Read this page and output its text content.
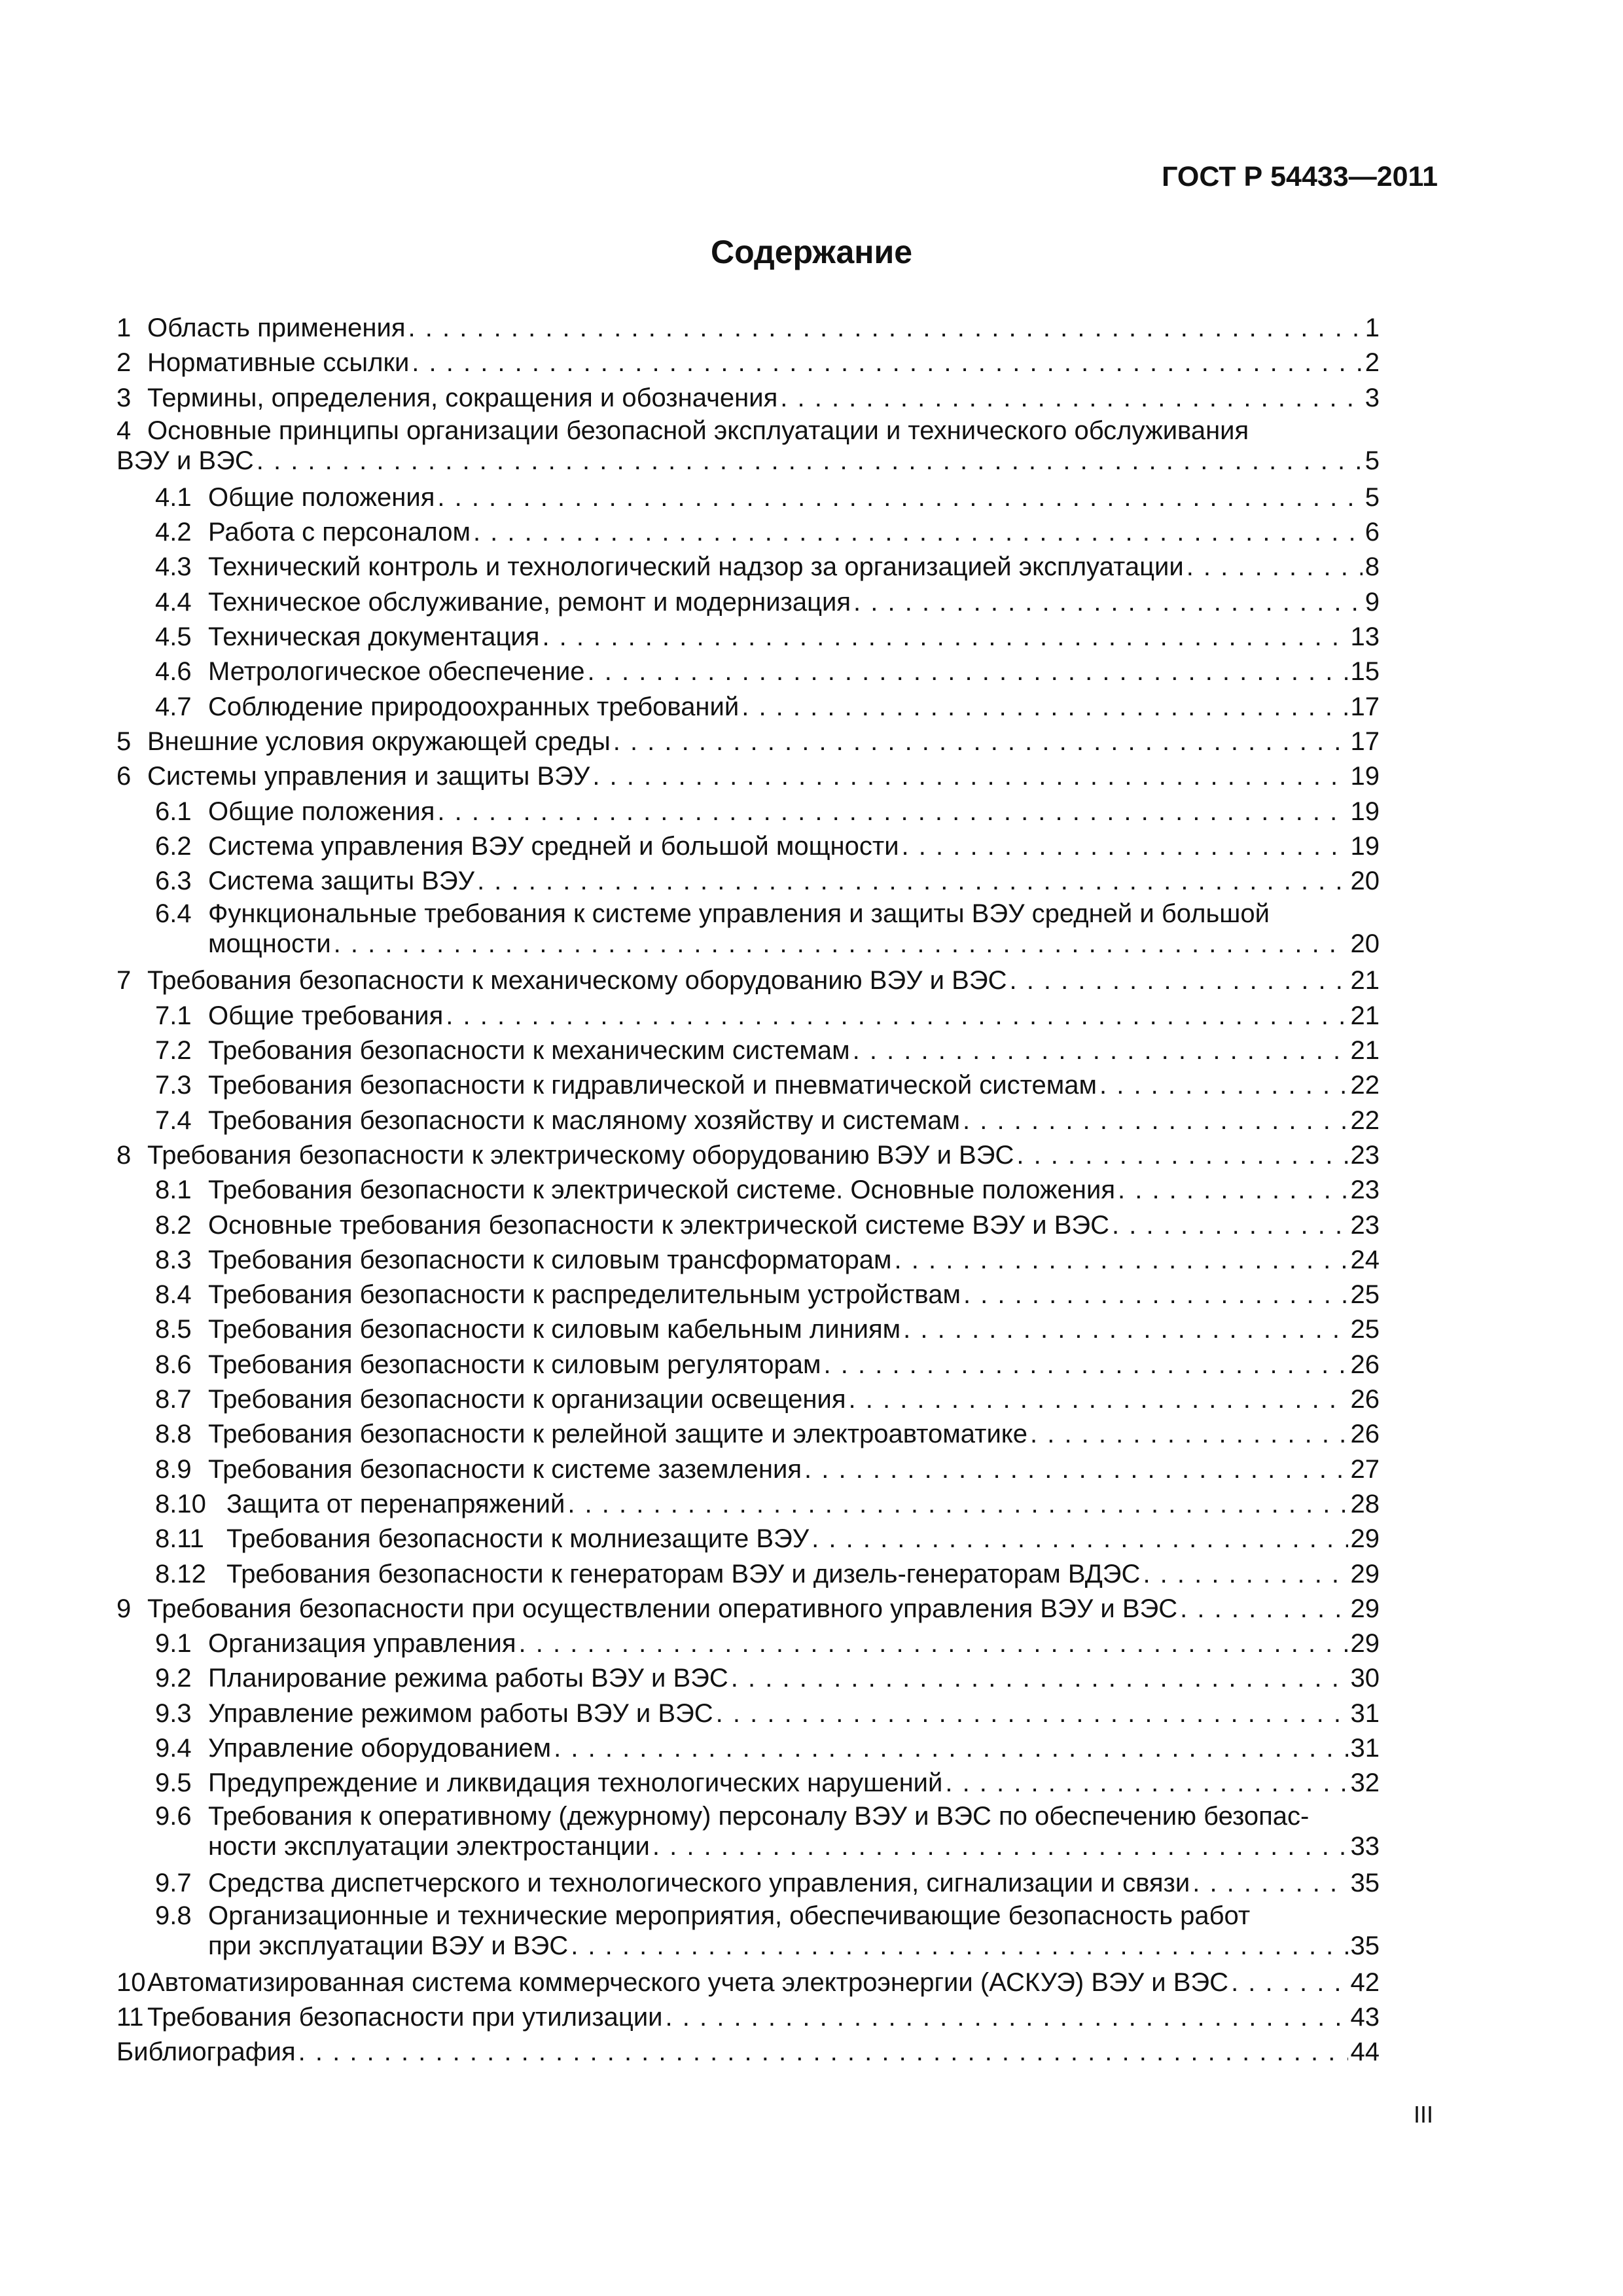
ГОСТ Р 54433—2011
Содержание
1 Область применения . . .	1
2 Нормативные ссылки . . .	2
3 Термины, определения, сокращения и обозначения . . .	3
4 Основные принципы организации безопасной эксплуатации и технического обслуживания
ВЭУ и ВЭС . . .	5
4.1 Общие положения . . .	5
4.2 Работа с персоналом . . .	6
4.3 Технический контроль и технологический надзор за организацией эксплуатации . . .	8
4.4 Техническое обслуживание, ремонт и модернизация . . .	9
4.5 Техническая документация . . .	13
4.6 Метрологическое обеспечение . . .	15
4.7 Соблюдение природоохранных требований . . .	17
5 Внешние условия окружающей среды . . .	17
6 Системы управления и защиты ВЭУ . . .	19
6.1 Общие положения . . .	19
6.2 Система управления ВЭУ средней и большой мощности . . .	19
6.3 Система защиты ВЭУ . . .	20
6.4 Функциональные требования к системе управления и защиты ВЭУ средней и большой
мощности . . .	20
7 Требования безопасности к механическому оборудованию ВЭУ и ВЭС . . .	21
7.1 Общие требования . . .	21
7.2 Требования безопасности к механическим системам . . .	21
7.3 Требования безопасности к гидравлической и пневматической системам . . .	22
7.4 Требования безопасности к масляному хозяйству и системам . . .	22
8 Требования безопасности к электрическому оборудованию ВЭУ и ВЭС . . .	23
8.1 Требования безопасности к электрической системе. Основные положения . . .	23
8.2 Основные требования безопасности к электрической системе ВЭУ и ВЭС . . .	23
8.3 Требования безопасности к силовым трансформаторам . . .	24
8.4 Требования безопасности к распределительным устройствам . . .	25
8.5 Требования безопасности к силовым кабельным линиям . . .	25
8.6 Требования безопасности к силовым регуляторам . . .	26
8.7 Требования безопасности к организации освещения . . .	26
8.8 Требования безопасности к релейной защите и электроавтоматике . . .	26
8.9 Требования безопасности к системе заземления . . .	27
8.10 Защита от перенапряжений . . .	28
8.11 Требования безопасности к молниезащите ВЭУ . . .	29
8.12 Требования безопасности к генераторам ВЭУ и дизель-генераторам ВДЭС . . .	29
9 Требования безопасности при осуществлении оперативного управления ВЭУ и ВЭС . . .	29
9.1 Организация управления . . .	29
9.2 Планирование режима работы ВЭУ и ВЭС . . .	30
9.3 Управление режимом работы ВЭУ и ВЭС . . .	31
9.4 Управление оборудованием . . .	31
9.5 Предупреждение и ликвидация технологических нарушений . . .	32
9.6 Требования к оперативному (дежурному) персоналу ВЭУ и ВЭС по обеспечению безопас-
ности эксплуатации электростанции . . .	33
9.7 Средства диспетчерского и технологического управления, сигнализации и связи . . .	35
9.8 Организационные и технические мероприятия, обеспечивающие безопасность работ
при эксплуатации ВЭУ и ВЭС . . .	35
10 Автоматизированная система коммерческого учета электроэнергии (АСКУЭ) ВЭУ и ВЭС . . .	42
11 Требования безопасности при утилизации . . .	43
Библиография . . .	44
III
